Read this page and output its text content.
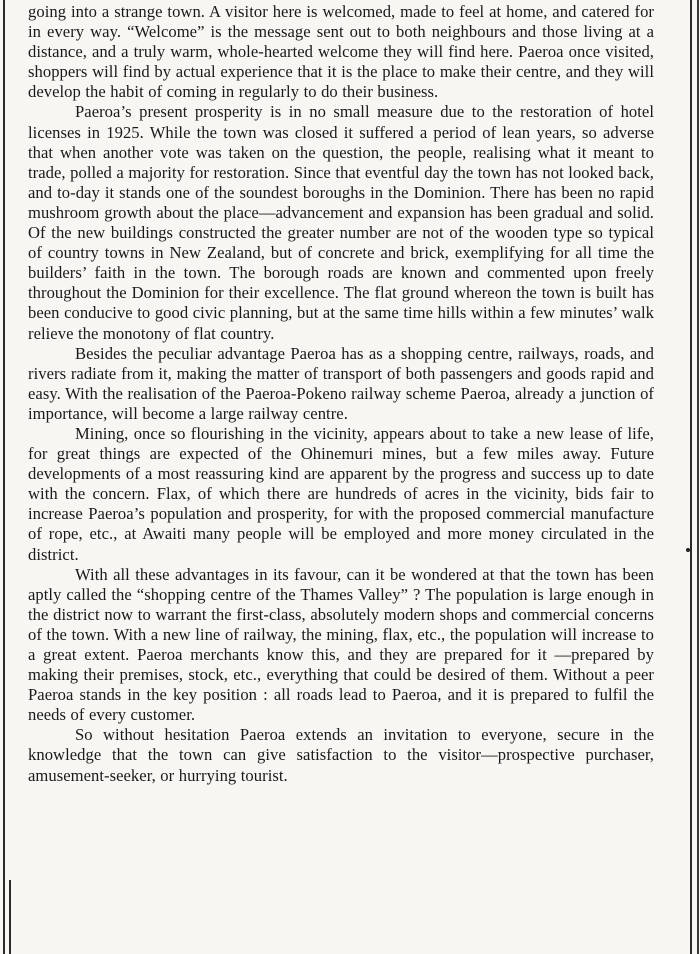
going into a strange town. A visitor here is welcomed, made to feel at home, and catered for in every way. “Welcome” is the message sent out to both neighbours and those living at a distance, and a truly warm, whole-hearted welcome they will find here. Paeroa once visited, shoppers will find by actual experience that it is the place to make their centre, and they will develop the habit of coming in regularly to do their business.

Paeroa’s present prosperity is in no small measure due to the restoration of hotel licenses in 1925. While the town was closed it suffered a period of lean years, so adverse that when another vote was taken on the question, the people, realising what it meant to trade, polled a majority for restoration. Since that eventful day the town has not looked back, and to-day it stands one of the soundest boroughs in the Dominion. There has been no rapid mushroom growth about the place—advancement and expansion has been gradual and solid. Of the new buildings constructed the greater number are not of the wooden type so typical of country towns in New Zealand, but of concrete and brick, exemplifying for all time the builders’ faith in the town. The borough roads are known and commented upon freely throughout the Dominion for their excellence. The flat ground whereon the town is built has been conducive to good civic planning, but at the same time hills within a few minutes’ walk relieve the monotony of flat country.

Besides the peculiar advantage Paeroa has as a shopping centre, railways, roads, and rivers radiate from it, making the matter of transport of both passengers and goods rapid and easy. With the realisation of the Paeroa-Pokeno railway scheme Paeroa, already a junction of importance, will become a large railway centre.

Mining, once so flourishing in the vicinity, appears about to take a new lease of life, for great things are expected of the Ohinemuri mines, but a few miles away. Future developments of a most reassuring kind are apparent by the progress and success up to date with the concern. Flax, of which there are hundreds of acres in the vicinity, bids fair to increase Paeroa’s population and prosperity, for with the proposed commercial manufacture of rope, etc., at Awaiti many people will be employed and more money circulated in the district.

With all these advantages in its favour, can it be wondered at that the town has been aptly called the “shopping centre of the Thames Valley” ? The population is large enough in the district now to warrant the first-class, absolutely modern shops and commercial concerns of the town. With a new line of railway, the mining, flax, etc., the population will increase to a great extent. Paeroa merchants know this, and they are prepared for it —prepared by making their premises, stock, etc., everything that could be desired of them. Without a peer Paeroa stands in the key position : all roads lead to Paeroa, and it is prepared to fulfil the needs of every customer.

So without hesitation Paeroa extends an invitation to everyone, secure in the knowledge that the town can give satisfaction to the visitor—prospective purchaser, amusement-seeker, or hurrying tourist.
